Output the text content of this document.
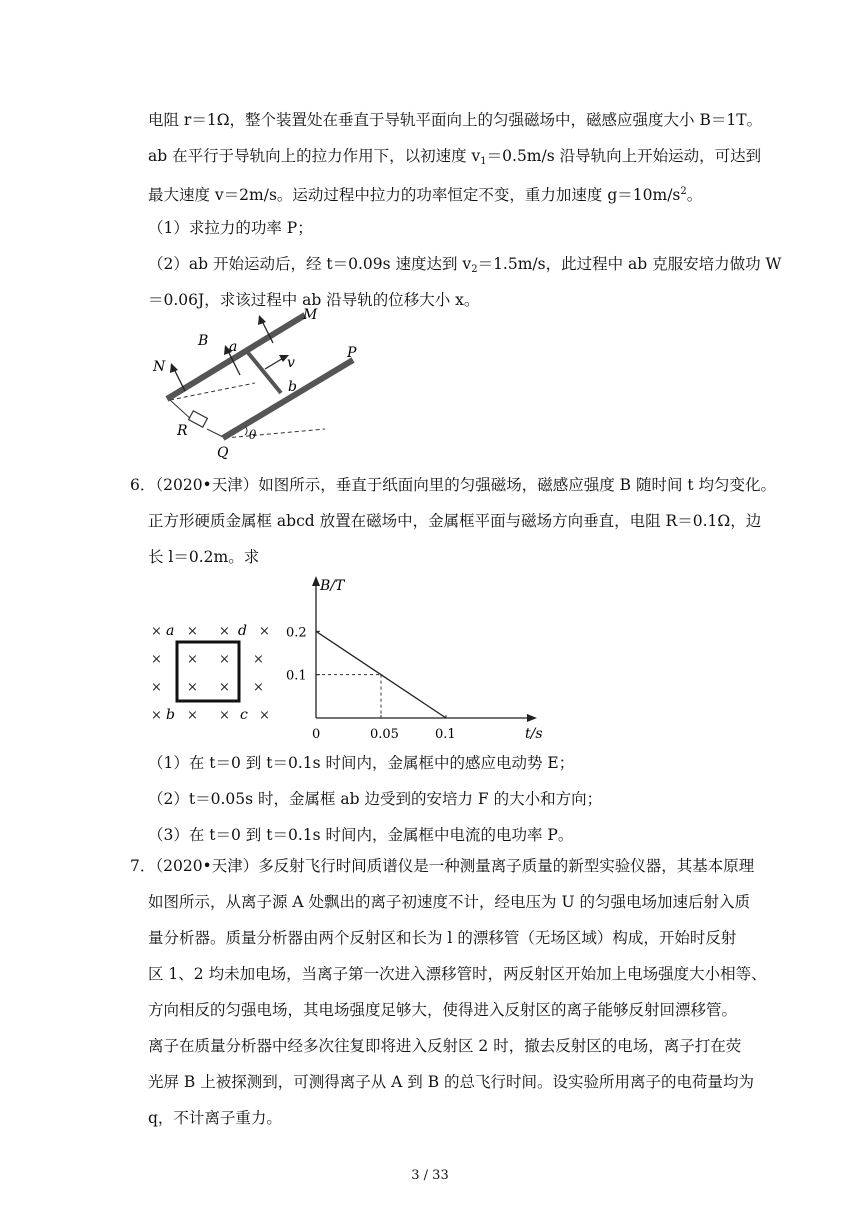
电阻 r＝1Ω，整个装置处在垂直于导轨平面向上的匀强磁场中，磁感应强度大小 B＝1T。
ab 在平行于导轨向上的拉力作用下，以初速度 $v_1=0.5m/s$ 沿导轨向上开始运动，可达到
最大速度 v＝2m/s。运动过程中拉力的功率恒定不变，重力加速度 $g=10m/s^2$。
（1）求拉力的功率 P；
（2）ab 开始运动后，经 t＝0.09s 速度达到 $v_2=1.5m/s$，此过程中 ab 克服安培力做功 W
＝0.06J，求该过程中 ab 沿导轨的位移大小 x。
M
P
B a
v
N
b
R
Q
θ
6．（2020•天津）如图所示，垂直于纸面向里的匀强磁场，磁感应强度 B 随时间 t 均匀变化。
正方形硬质金属框 abcd 放置在磁场中，金属框平面与磁场方向垂直，电阻 R＝0.1Ω，边
长 l＝0.2m。求
× × × ×
× × × ×
× × × ×
× × × ×
a	d
b	c
B/T
t/s
0	0.05	0.1
0.1
0.2
（1）在 t＝0 到 t＝0.1s 时间内，金属框中的感应电动势 E；
（2）t＝0.05s 时，金属框 ab 边受到的安培力 F 的大小和方向；
（3）在 t＝0 到 t＝0.1s 时间内，金属框中电流的电功率 P。
7．（2020•天津）多反射飞行时间质谱仪是一种测量离子质量的新型实验仪器，其基本原理
如图所示，从离子源 A 处飘出的离子初速度不计，经电压为 U 的匀强电场加速后射入质
量分析器。质量分析器由两个反射区和长为 l 的漂移管（无场区域）构成，开始时反射
区 1、2 均未加电场，当离子第一次进入漂移管时，两反射区开始加上电场强度大小相等、
方向相反的匀强电场，其电场强度足够大，使得进入反射区的离子能够反射回漂移管。
离子在质量分析器中经多次往复即将进入反射区 2 时，撤去反射区的电场，离子打在荧
光屏 B 上被探测到，可测得离子从 A 到 B 的总飞行时间。设实验所用离子的电荷量均为
q，不计离子重力。
3 / 33
